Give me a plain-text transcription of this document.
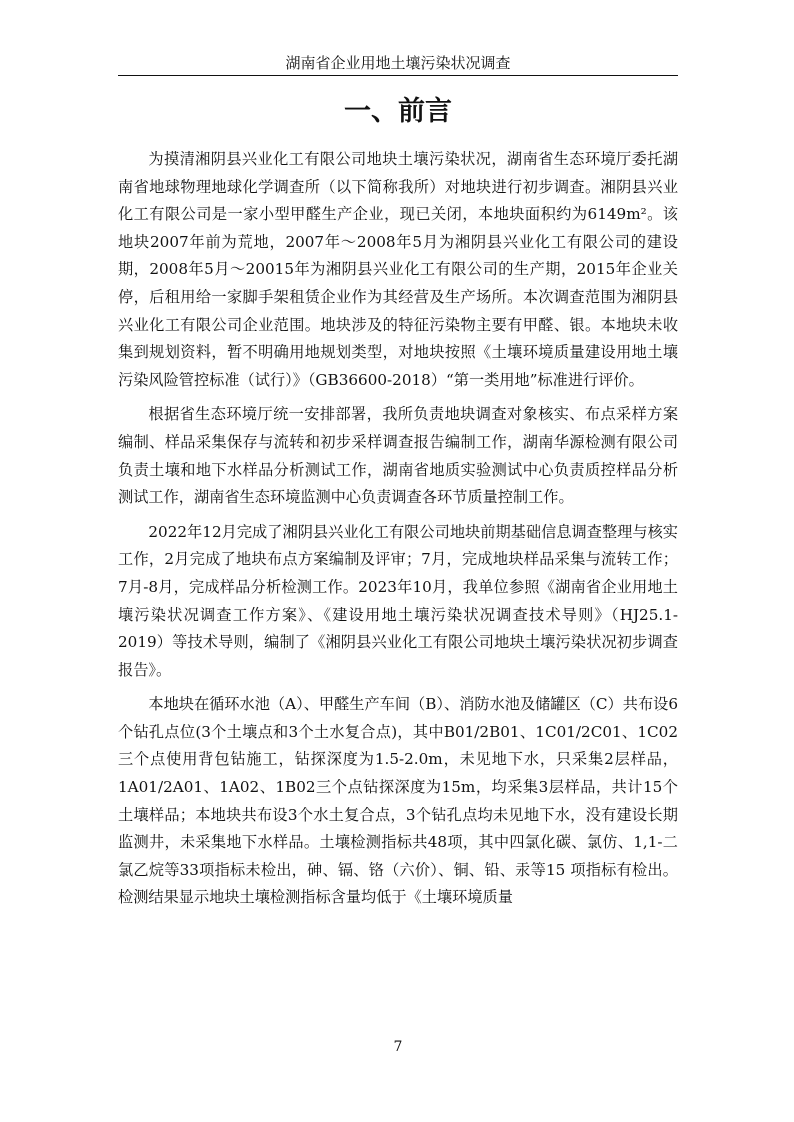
湖南省企业用地土壤污染状况调查
一、前言

为摸清湘阴县兴业化工有限公司地块土壤污染状况，湖南省生态环境厅委托湖南省地球物理地球化学调查所（以下简称我所）对地块进行初步调查。湘阴县兴业化工有限公司是一家小型甲醛生产企业，现已关闭，本地块面积约为6149m²。该地块2007年前为荒地，2007年～2008年5月为湘阴县兴业化工有限公司的建设期，2008年5月～20015年为湘阴县兴业化工有限公司的生产期，2015年企业关停，后租用给一家脚手架租赁企业作为其经营及生产场所。本次调查范围为湘阴县兴业化工有限公司企业范围。地块涉及的特征污染物主要有甲醛、银。本地块未收集到规划资料，暂不明确用地规划类型，对地块按照《土壤环境质量建设用地土壤污染风险管控标准（试行）》（GB36600-2018）“第一类用地”标准进行评价。

根据省生态环境厅统一安排部署，我所负责地块调查对象核实、布点采样方案编制、样品采集保存与流转和初步采样调查报告编制工作，湖南华源检测有限公司负责土壤和地下水样品分析测试工作，湖南省地质实验测试中心负责质控样品分析测试工作，湖南省生态环境监测中心负责调查各环节质量控制工作。

2022年12月完成了湘阴县兴业化工有限公司地块前期基础信息调查整理与核实工作，2月完成了地块布点方案编制及评审；7月，完成地块样品采集与流转工作；7月-8月，完成样品分析检测工作。2023年10月，我单位参照《湖南省企业用地土壤污染状况调查工作方案》、《建设用地土壤污染状况调查技术导则》（HJ25.1-2019）等技术导则，编制了《湘阴县兴业化工有限公司地块土壤污染状况初步调查报告》。

本地块在循环水池（A）、甲醛生产车间（B）、消防水池及储罐区（C）共布设6个钻孔点位(3个土壤点和3个土水复合点)，其中B01/2B01、1C01/2C01、1C02三个点使用背包钻施工，钻探深度为1.5-2.0m，未见地下水，只采集2层样品，1A01/2A01、1A02、1B02三个点钻探深度为15m，均采集3层样品，共计15个土壤样品；本地块共布设3个水土复合点，3个钻孔点均未见地下水，没有建设长期监测井，未采集地下水样品。土壤检测指标共48项，其中四氯化碳、氯仿、1,1-二氯乙烷等33项指标未检出，砷、镉、铬（六价）、铜、铅、汞等15 项指标有检出。检测结果显示地块土壤检测指标含量均低于《土壤环境质量

7
